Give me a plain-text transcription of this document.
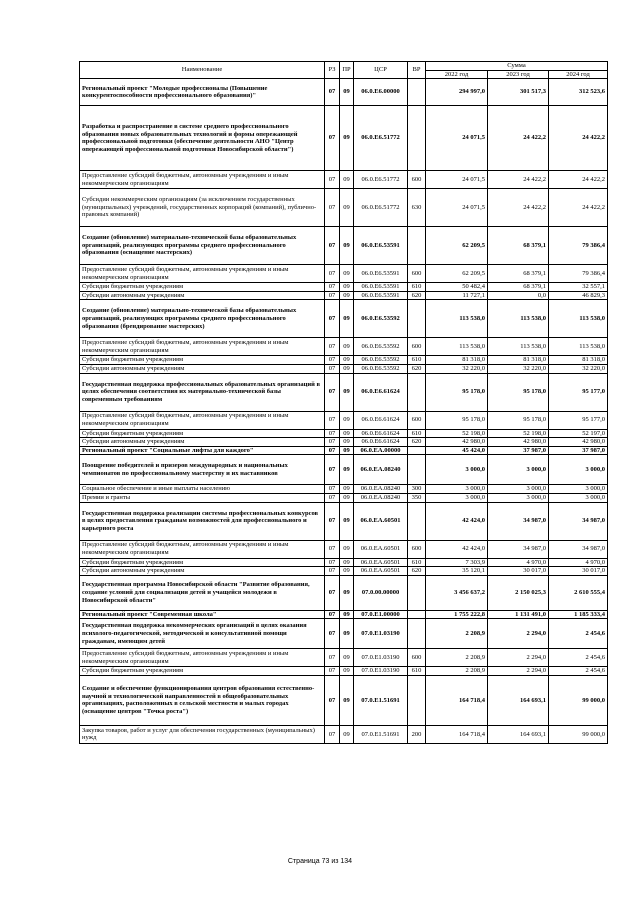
Наименование	РЗ	ПР	ЦСР	ВР	Сумма		
					2022 год	2023 год	2024 год
Региональный проект "Молодые профессионалы (Повышение конкурентоспособности профессионального образования)"	07	09	06.0.Е6.00000		294 997,0	301 517,3	312 523,6
Разработка и распространение в системе среднего профессионального образования новых образовательных технологий и формы опережающей профессиональной подготовки (обеспечение деятельности АНО "Центр опережающей профессиональной подготовки Новосибирской области")	07	09	06.0.Е6.51772		24 071,5	24 422,2	24 422,2
Предоставление субсидий бюджетным, автономным учреждениям и иным некоммерческим организациям	07	09	06.0.Е6.51772	600	24 071,5	24 422,2	24 422,2
Субсидии некоммерческим организациям (за исключением государственных (муниципальных) учреждений, государственных корпораций (компаний), публично-правовых компаний)	07	09	06.0.Е6.51772	630	24 071,5	24 422,2	24 422,2
Создание (обновление) материально-технической базы образовательных организаций, реализующих программы среднего профессионального образования (оснащение мастерских)	07	09	06.0.Е6.53591		62 209,5	68 379,1	79 386,4
Предоставление субсидий бюджетным, автономным учреждениям и иным некоммерческим организациям	07	09	06.0.Е6.53591	600	62 209,5	68 379,1	79 386,4
Субсидии бюджетным учреждениям	07	09	06.0.Е6.53591	610	50 482,4	68 379,1	32 557,1
Субсидии автономным учреждениям	07	09	06.0.Е6.53591	620	11 727,1	0,0	46 829,3
Создание (обновление) материально-технической базы образовательных организаций, реализующих программы среднего профессионального образования (брендирование мастерских)	07	09	06.0.Е6.53592		113 538,0	113 538,0	113 538,0
Предоставление субсидий бюджетным, автономным учреждениям и иным некоммерческим организациям	07	09	06.0.Е6.53592	600	113 538,0	113 538,0	113 538,0
Субсидии бюджетным учреждениям	07	09	06.0.Е6.53592	610	81 318,0	81 318,0	81 318,0
Субсидии автономным учреждениям	07	09	06.0.Е6.53592	620	32 220,0	32 220,0	32 220,0
Государственная поддержка профессиональных образовательных организаций в целях обеспечения соответствия их материально-технической базы современным требованиям	07	09	06.0.Е6.61624		95 178,0	95 178,0	95 177,0
Предоставление субсидий бюджетным, автономным учреждениям и иным некоммерческим организациям	07	09	06.0.Е6.61624	600	95 178,0	95 178,0	95 177,0
Субсидии бюджетным учреждениям	07	09	06.0.Е6.61624	610	52 198,0	52 198,0	52 197,0
Субсидии автономным учреждениям	07	09	06.0.Е6.61624	620	42 980,0	42 980,0	42 980,0
Региональный проект "Социальные лифты для каждого"	07	09	06.0.ЕА.00000		45 424,0	37 987,0	37 987,0
Поощрение победителей и призеров международных и национальных чемпионатов по профессиональному мастерству и их наставников	07	09	06.0.ЕА.08240		3 000,0	3 000,0	3 000,0
Социальное обеспечение и иные выплаты населению	07	09	06.0.ЕА.08240	300	3 000,0	3 000,0	3 000,0
Премии и гранты	07	09	06.0.ЕА.08240	350	3 000,0	3 000,0	3 000,0
Государственная поддержка реализации системы профессиональных конкурсов в целях предоставления гражданам возможностей для профессионального и карьерного роста	07	09	06.0.ЕА.60501		42 424,0	34 987,0	34 987,0
Предоставление субсидий бюджетным, автономным учреждениям и иным некоммерческим организациям	07	09	06.0.ЕА.60501	600	42 424,0	34 987,0	34 987,0
Субсидии бюджетным учреждениям	07	09	06.0.ЕА.60501	610	7 303,9	4 970,0	4 970,0
Субсидии автономным учреждениям	07	09	06.0.ЕА.60501	620	35 120,1	30 017,0	30 017,0
Государственная программа Новосибирской области "Развитие образования, создание условий для социализации детей и учащейся молодежи в Новосибирской области"	07	09	07.0.00.00000		3 456 637,2	2 150 025,3	2 610 555,4
Региональный проект "Современная школа"	07	09	07.0.Е1.00000		1 755 222,8	1 131 491,0	1 185 333,4
Государственная поддержка некоммерческих организаций в целях оказания психолого-педагогической, методической и консультативной помощи гражданам, имеющим детей	07	09	07.0.Е1.03190		2 208,9	2 294,0	2 454,6
Предоставление субсидий бюджетным, автономным учреждениям и иным некоммерческим организациям	07	09	07.0.Е1.03190	600	2 208,9	2 294,0	2 454,6
Субсидии бюджетным учреждениям	07	09	07.0.Е1.03190	610	2 208,9	2 294,0	2 454,6
Создание и обеспечение функционирования центров образования естественно-научной и технологической направленностей в общеобразовательных организациях, расположенных в сельской местности и малых городах (оснащение центров "Точка роста")	07	09	07.0.Е1.51691		164 718,4	164 693,1	99 000,0
Закупка товаров, работ и услуг для обеспечения государственных (муниципальных) нужд	07	09	07.0.Е1.51691	200	164 718,4	164 693,1	99 000,0
Страница 73 из 134
